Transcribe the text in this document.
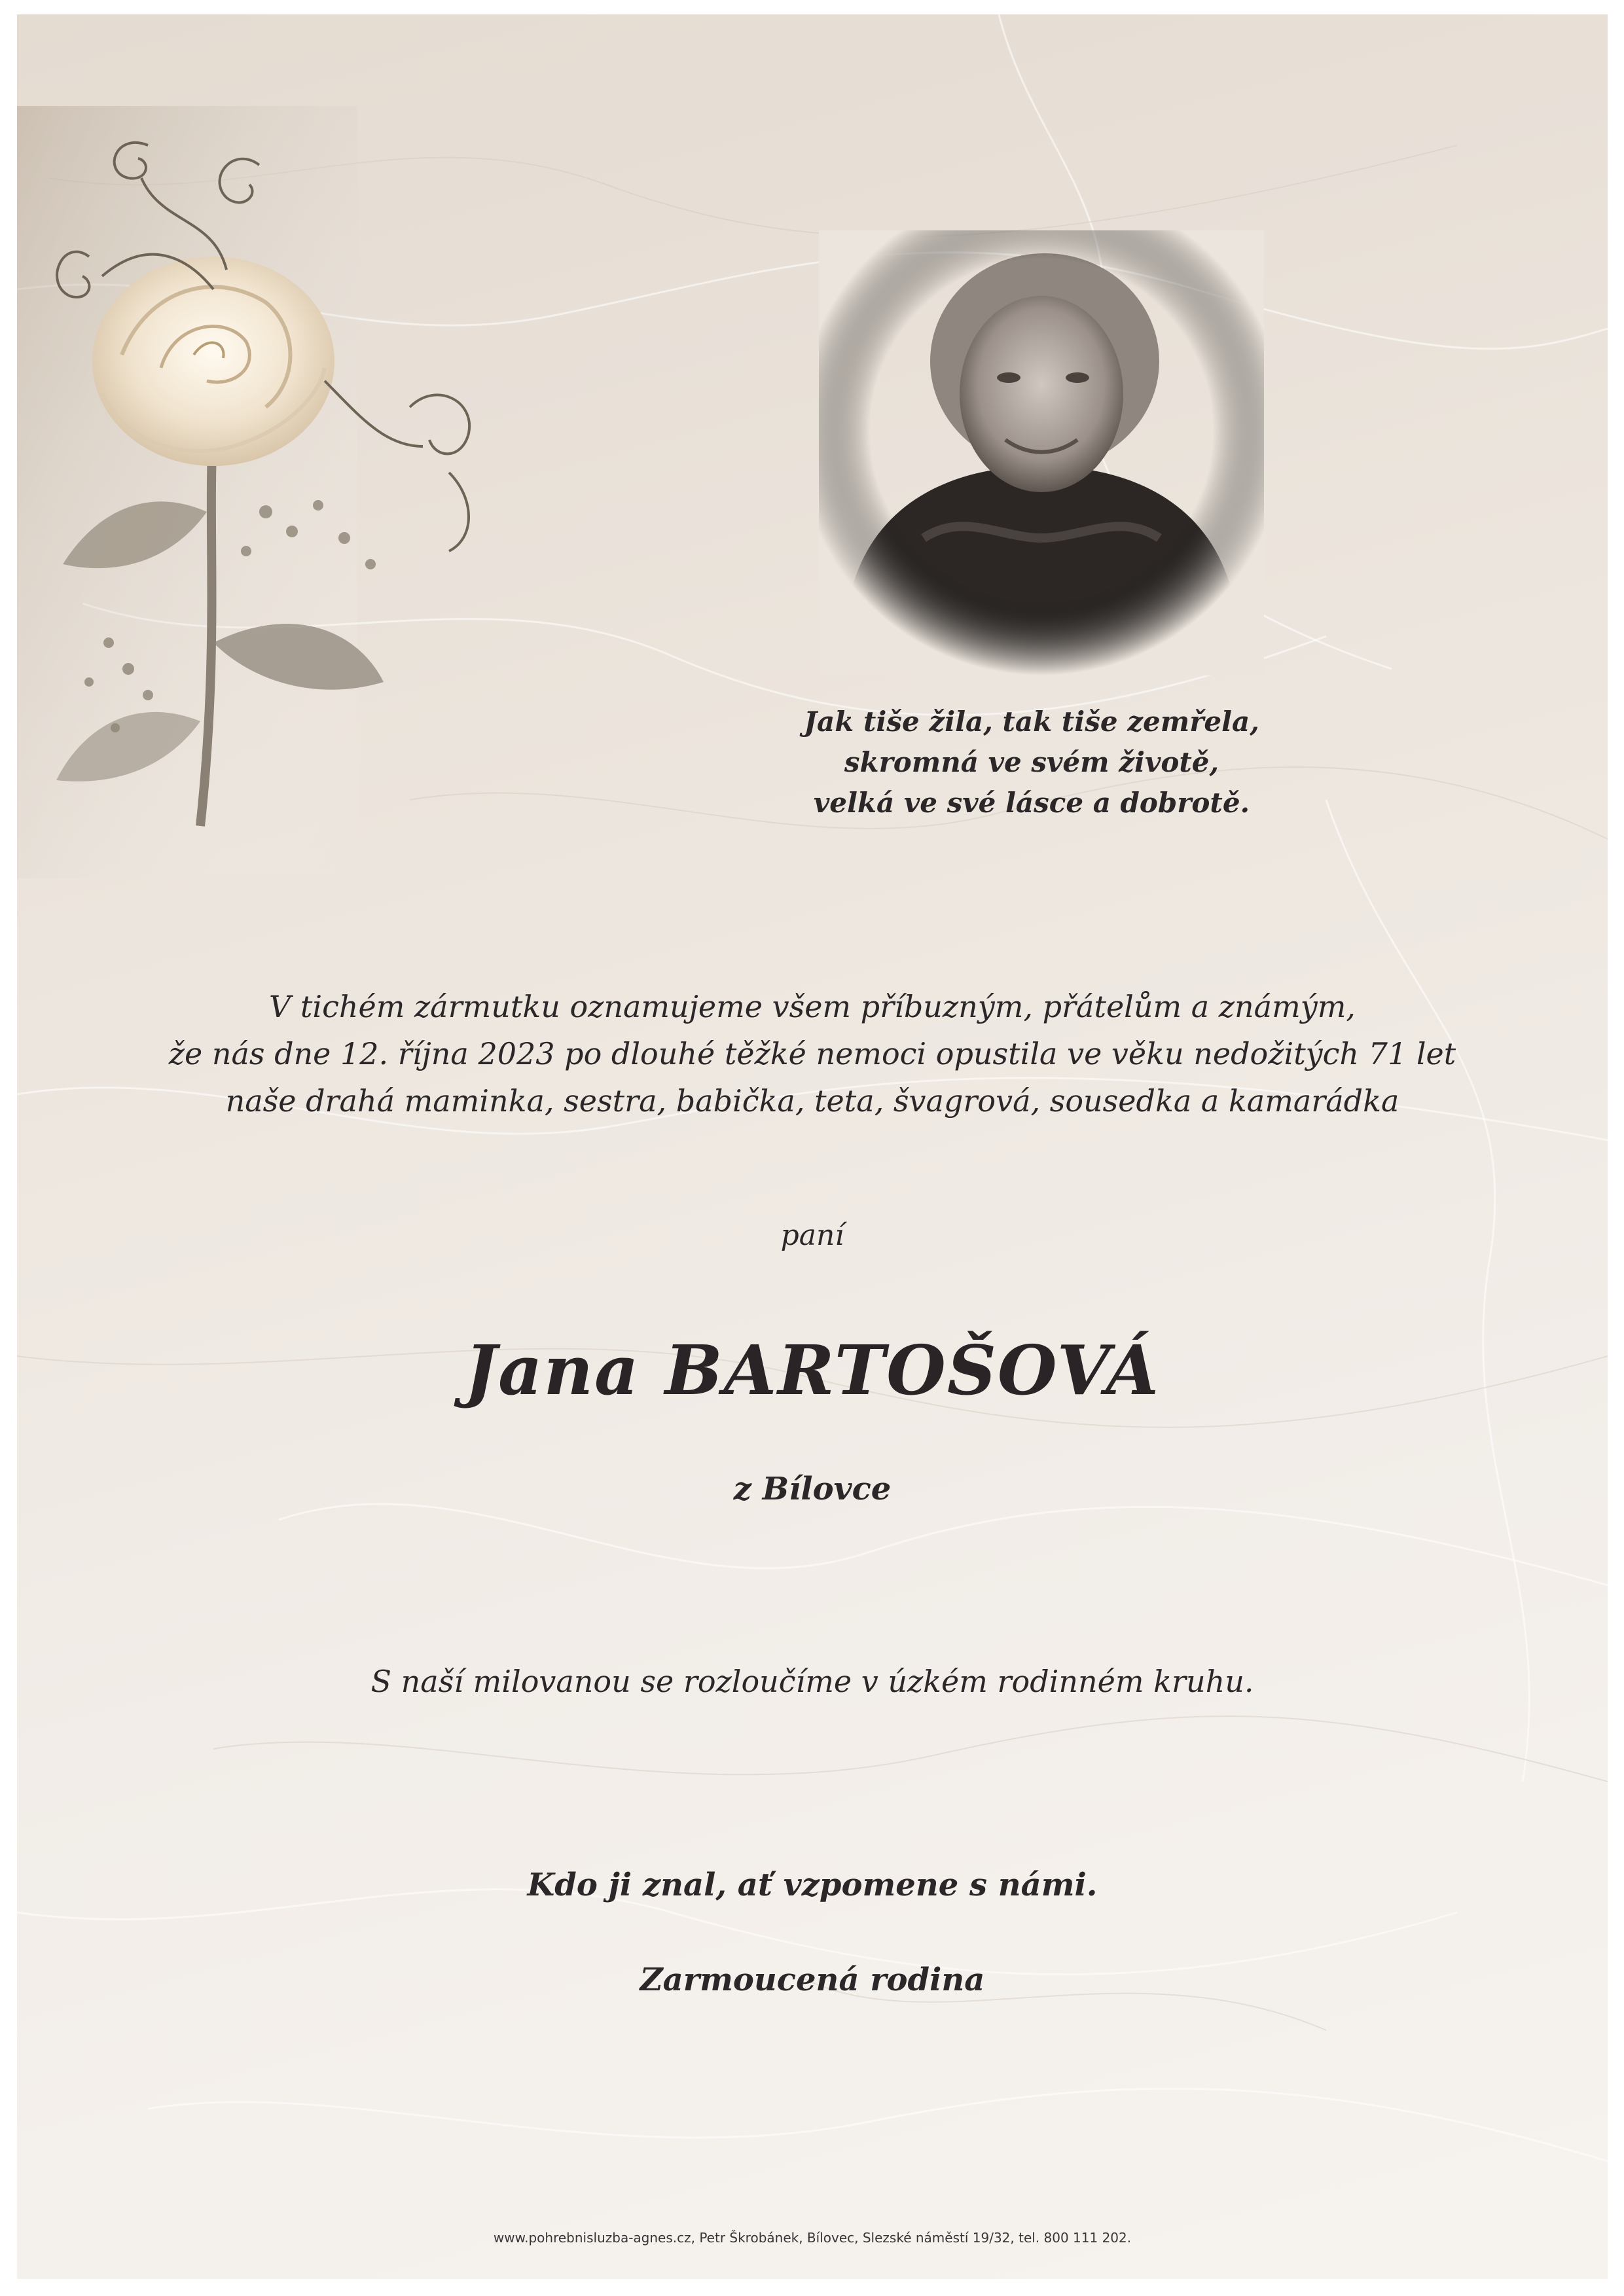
Jak tiše žila, tak tiše zemřela,
skromná ve svém životě,
velká ve své lásce a dobrotě.
V tichém zármutku oznamujeme všem příbuzným, přátelům a známým,
že nás dne 12. října 2023 po dlouhé těžké nemoci opustila ve věku nedožitých 71 let
naše drahá maminka, sestra, babička, teta, švagrová, sousedka a kamarádka
paní
Jana BARTOŠOVÁ
z Bílovce
S naší milovanou se rozloučíme v úzkém rodinném kruhu.
Kdo ji znal, ať vzpomene s námi.
Zarmoucená rodina
www.pohrebnisluzba-agnes.cz, Petr Škrobánek, Bílovec, Slezské náměstí 19/32, tel. 800 111 202.
